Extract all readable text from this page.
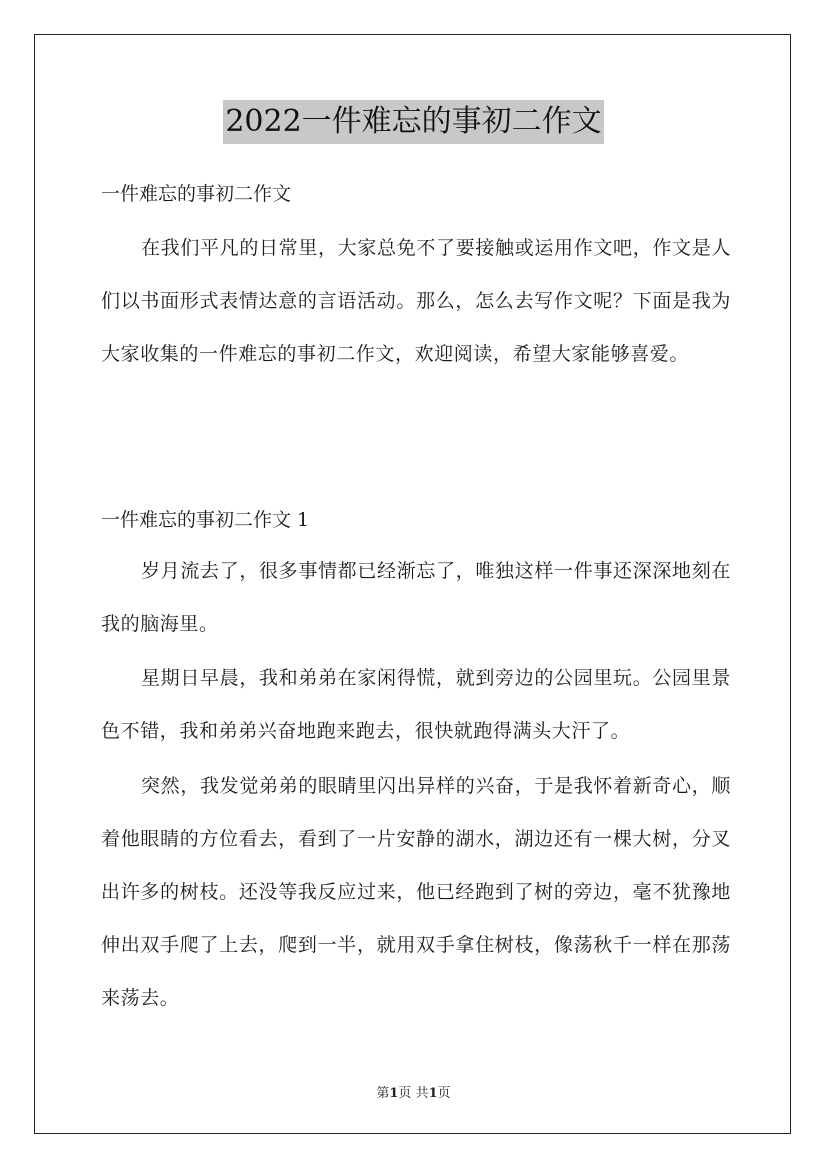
2022一件难忘的事初二作文
一件难忘的事初二作文
在我们平凡的日常里，大家总免不了要接触或运用作文吧，作文是人们以书面形式表情达意的言语活动。那么，怎么去写作文呢？下面是我为大家收集的一件难忘的事初二作文，欢迎阅读，希望大家能够喜爱。
一件难忘的事初二作文 1
岁月流去了，很多事情都已经渐忘了，唯独这样一件事还深深地刻在我的脑海里。
星期日早晨，我和弟弟在家闲得慌，就到旁边的公园里玩。公园里景色不错，我和弟弟兴奋地跑来跑去，很快就跑得满头大汗了。
突然，我发觉弟弟的眼睛里闪出异样的兴奋，于是我怀着新奇心，顺着他眼睛的方位看去，看到了一片安静的湖水，湖边还有一棵大树，分叉出许多的树枝。还没等我反应过来，他已经跑到了树的旁边，毫不犹豫地伸出双手爬了上去，爬到一半，就用双手拿住树枝，像荡秋千一样在那荡来荡去。
第1页 共1页
